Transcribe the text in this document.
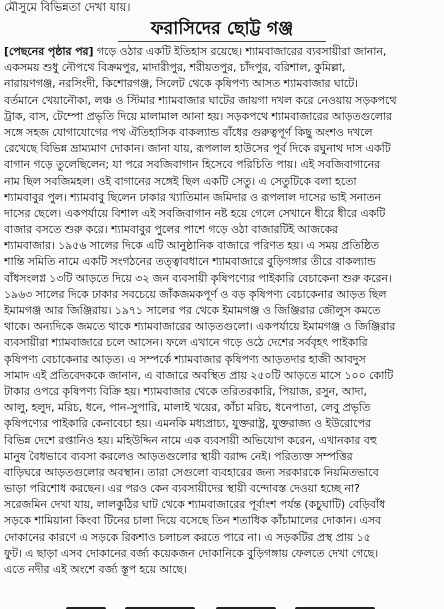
মৌসুমে বিভিন্নতা দেখা যায়।
ফরাসিদের ছোট্ট গঞ্জ
[পেছনের পৃষ্ঠার পর] গড়ে ওঠার একটি ইতিহাস রয়েছে। শ্যামবাজারের ব্যবসায়ীরা জানান,
একসময় শুধু নৌপথে বিক্রমপুর, মাদারীপুর, শরীয়তপুর, চাঁদপুর, বরিশাল, কুমিল্লা,
নারায়ণগঞ্জ, নরসিংদী, কিশোরগঞ্জ, সিলেট থেকে কৃষিপণ্য আসত শ্যামবাজার ঘাটে।
বর্তমানে খেয়ানৌকা, লঞ্চ ও স্টিমার শ্যামবাজার ঘাটের জায়গা দখল করে নেওয়ায় সড়কপথে
ট্রাক, বাস, টেম্পো প্রভৃতি দিয়ে মালামাল আনা হয়। সড়কপথে শ্যামবাজারের আড়তগুলোর
সঙ্গে সহজ যোগাযোগের পথ ঐতিহাসিক বাকল্যান্ড বাঁধের গুরুত্বপূর্ণ কিছু অংশও দখলে
রেখেছে বিভিন্ন ভ্রাম্যমাণ দোকান। জানা যায়, রূপলাল হাউসের পূর্ব দিকে রঘুনাথ দাস একটি
বাগান গড়ে তুলেছিলেন; যা পরে সবজিবাগান হিসেবে পরিচিতি পায়। এই সবজিবাগানের
নাম ছিল সবজিমহল। ওই বাগানের সঙ্গেই ছিল একটি সেতু। এ সেতুটিকে বলা হতো
শ্যামবাবুর পুল। শ্যামবাবু ছিলেন ঢাকার খ্যাতিমান জমিদার ও রূপলাল দাসের ভাই সনাতন
দাসের ছেলে। একপর্যায়ে বিশাল এই সবজিবাগান নষ্ট হয়ে গেলে সেখানে ধীরে ধীরে একটি
বাজার বসতে শুরু করে। শ্যামবাবুর পুলের পাশে গড়ে ওঠা বাজারটিই আজকের
শ্যামবাজার। ১৯৫৬ সালের দিকে এটি আনুষ্ঠানিক বাজারে পরিণত হয়। এ সময় প্রতিষ্ঠিত
শান্তি সমিতি নামে একটি সংগঠনের তত্ত্বাবধানে শ্যামবাজারে বুড়িগঙ্গার তীরে বাকল্যান্ড
বাঁধসংলগ্ন ১৩টি আড়তে দিয়ে ৩২ জন ব্যবসায়ী কৃষিপণ্যের পাইকারি বেচাকেনা শুরু করেন।
১৯৬৩ সালের দিকে ঢাকার সবচেয়ে জাঁকজমকপূর্ণ ও বড় কৃষিপণ্য বেচাকেনার আড়ত ছিল
ইমামগঞ্জ আর জিঞ্জিরায়। ১৯৭১ সালের পর থেকে ইমামগঞ্জ ও জিঞ্জিরার জৌলুস কমতে
থাকে। অন্যদিকে জমতে থাকে শ্যামবাজারের আড়তগুলো। একপর্যায়ে ইমামগঞ্জ ও জিঞ্জিরার
ব্যবসায়ীরা শ্যামবাজারে চলে আসেন। ফলে এখানে গড়ে ওঠে দেশের সর্ববৃহৎ পাইকারি
কৃষিপণ্য বেচাকেনার আড়ত। এ সম্পর্কে শ্যামবাজার কৃষিপণ্য আড়তদার হাজী আবদুস
সামাদ এই প্রতিবেদককে জানান, এ বাজারে অবস্থিত প্রায় ২৫০টি আড়তে মাসে ১০০ কোটি
টাকার ওপরে কৃষিপণ্য বিক্রি হয়। শ্যামবাজার থেকে তরিতরকারি, পিয়াজ, রসুন, আদা,
আলু, হলুদ, মরিচ, ধনে, পান-সুপারি, মালাই খয়ের, কাঁচা মরিচ, ধনেপাতা, লেবু প্রভৃতি
কৃষিপণ্যের পাইকারি কেনাবেচা হয়। এমনকি মধ্যপ্রাচ্য, যুক্তরাষ্ট্র, যুক্তরাজ্য ও ইউরোপের
বিভিন্ন দেশে রপ্তানিও হয়। মহিউদ্দিন নামে এক ব্যবসায়ী অভিযোগ করেন, এখানকার বহু
মানুষ বৈধভাবে ব্যবসা করলেও আড়তগুলোর স্থায়ী বরাদ্দ নেই। পরিত্যক্ত সম্পত্তির
বাড়িঘরে আড়তগুলোর অবস্থান। তারা সেগুলো ব্যবহারের জন্য সরকারকে নিয়মিতভাবে
ভাড়া পরিশোধ করছেন। এর পরও কেন ব্যবসায়ীদের স্থায়ী বন্দোবস্ত দেওয়া হচ্ছে না?
সরেজমিন দেখা যায়, লালকুঠির ঘাট থেকে শ্যামবাজারের পূর্বাংশ পর্যন্ত (কচুঘাটি) বেড়িবাঁধ
সড়কে শামিয়ানা কিংবা টিনের চালা দিয়ে বসেছে তিন শতাধিক কাঁচামালের দোকান। এসব
দোকানের কারণে এ সড়কে রিকশাও চলাচল করতে পারে না। এ সড়কটির প্রস্থ প্রায় ১৫
ফুট। এ ছাড়া এসব দোকানের বর্জ্য কয়েকজন দোকানিকে বুড়িগঙ্গায় ফেলতে দেখা গেছে।
এতে নদীর এই অংশে বর্জ্য স্তূপ হয়ে আছে।
